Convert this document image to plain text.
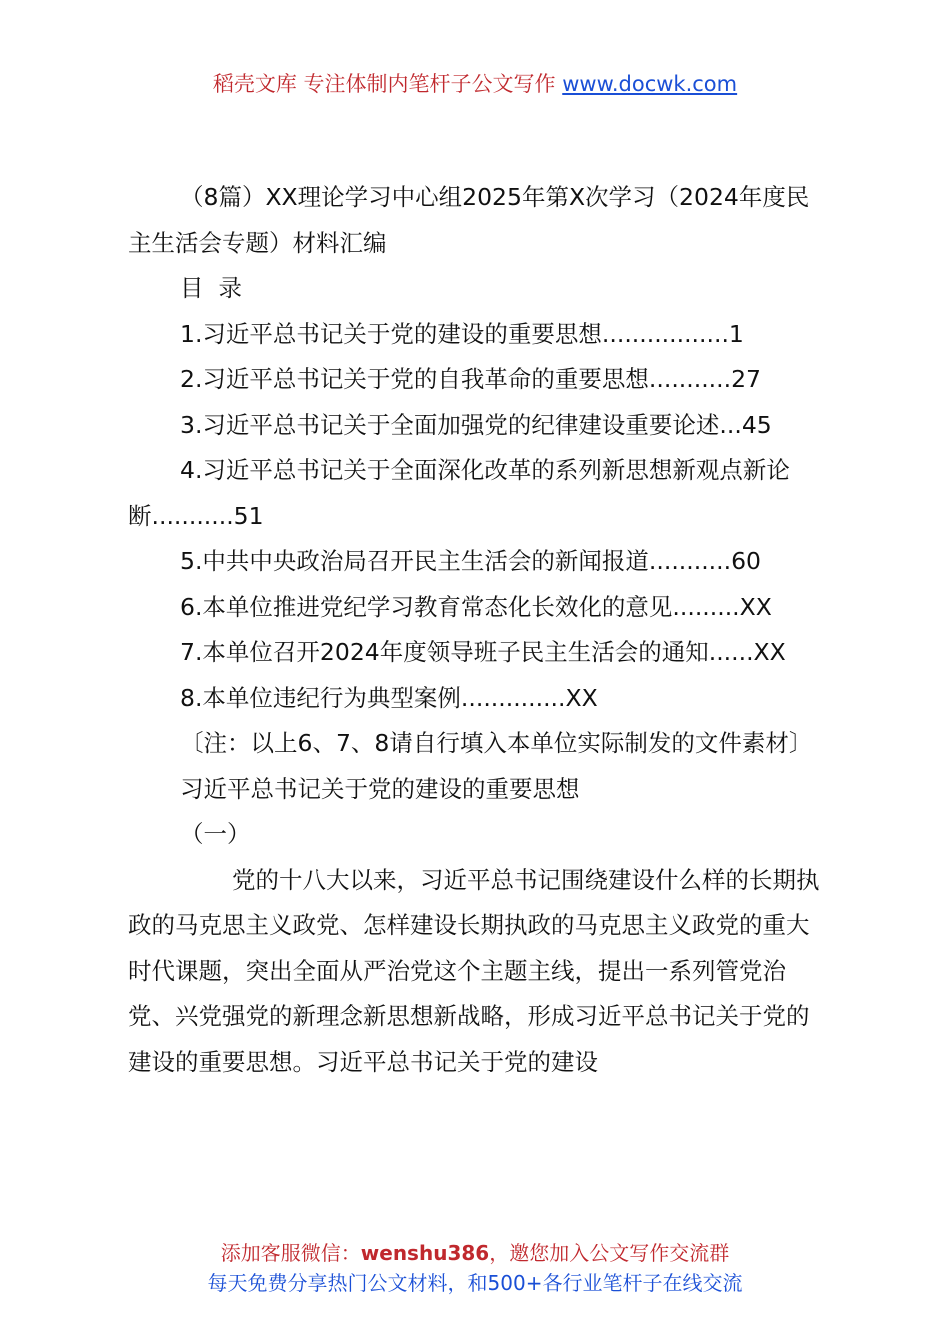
稻壳文库 专注体制内笔杆子公文写作 www.docwk.com

（8篇）XX理论学习中心组2025年第X次学习（2024年度民主生活会专题）材料汇编

目  录

1.习近平总书记关于党的建设的重要思想.................1

2.习近平总书记关于党的自我革命的重要思想...........27

3.习近平总书记关于全面加强党的纪律建设重要论述...45

4.习近平总书记关于全面深化改革的系列新思想新观点新论断...........51

5.中共中央政治局召开民主生活会的新闻报道...........60

6.本单位推进党纪学习教育常态化长效化的意见.........XX

7.本单位召开2024年度领导班子民主生活会的通知......XX

8.本单位违纪行为典型案例..............XX

〔注：以上6、7、8请自行填入本单位实际制发的文件素材〕

习近平总书记关于党的建设的重要思想

（一）

党的十八大以来，习近平总书记围绕建设什么样的长期执政的马克思主义政党、怎样建设长期执政的马克思主义政党的重大时代课题，突出全面从严治党这个主题主线，提出一系列管党治党、兴党强党的新理念新思想新战略，形成习近平总书记关于党的建设的重要思想。习近平总书记关于党的建设

添加客服微信：wenshu386，邀您加入公文写作交流群
每天免费分享热门公文材料，和500+各行业笔杆子在线交流
